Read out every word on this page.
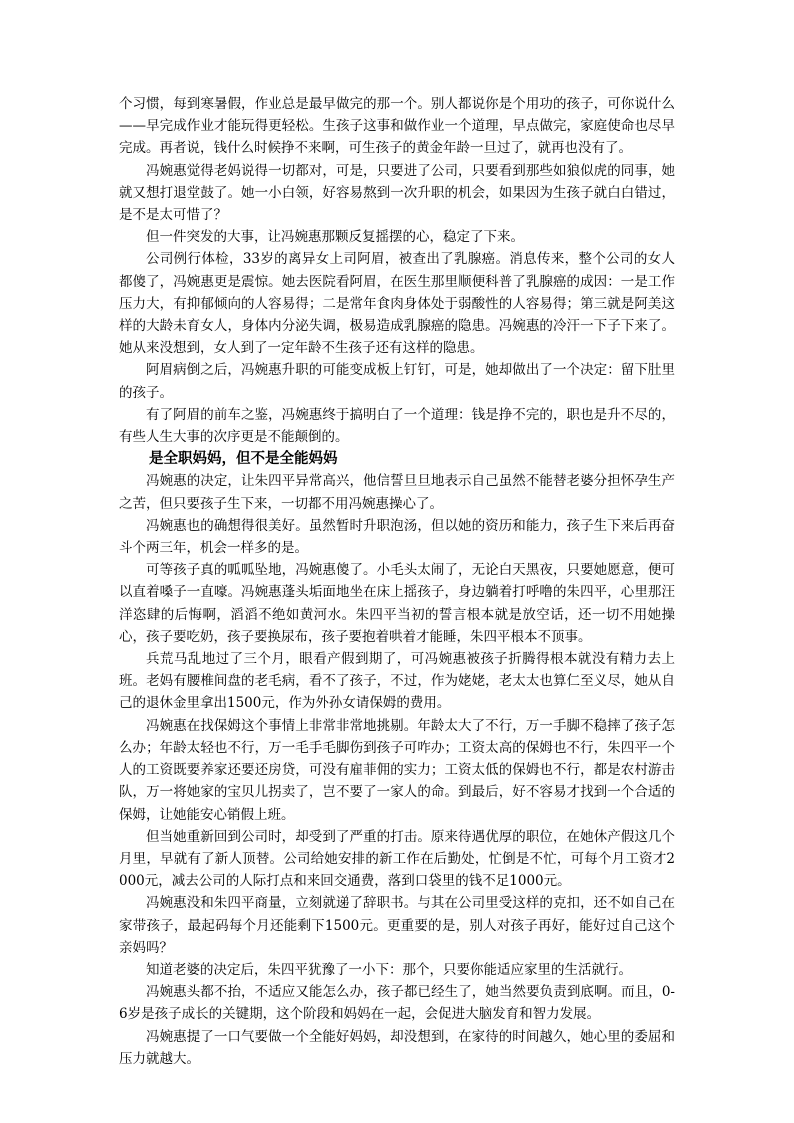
个习惯，每到寒暑假，作业总是最早做完的那一个。别人都说你是个用功的孩子，可你说什么——早完成作业才能玩得更轻松。生孩子这事和做作业一个道理，早点做完，家庭使命也尽早完成。再者说，钱什么时候挣不来啊，可生孩子的黄金年龄一旦过了，就再也没有了。

冯婉惠觉得老妈说得一切都对，可是，只要进了公司，只要看到那些如狼似虎的同事，她就又想打退堂鼓了。她一小白领，好容易熬到一次升职的机会，如果因为生孩子就白白错过，是不是太可惜了？

但一件突发的大事，让冯婉惠那颗反复摇摆的心，稳定了下来。

公司例行体检，33岁的离异女上司阿眉，被查出了乳腺癌。消息传来，整个公司的女人都傻了，冯婉惠更是震惊。她去医院看阿眉，在医生那里顺便科普了乳腺癌的成因：一是工作压力大，有抑郁倾向的人容易得；二是常年食肉身体处于弱酸性的人容易得；第三就是阿美这样的大龄未育女人，身体内分泌失调，极易造成乳腺癌的隐患。冯婉惠的冷汗一下子下来了。她从来没想到，女人到了一定年龄不生孩子还有这样的隐患。

阿眉病倒之后，冯婉惠升职的可能变成板上钉钉，可是，她却做出了一个决定：留下肚里的孩子。

有了阿眉的前车之鉴，冯婉惠终于搞明白了一个道理：钱是挣不完的，职也是升不尽的，有些人生大事的次序更是不能颠倒的。

是全职妈妈，但不是全能妈妈

冯婉惠的决定，让朱四平异常高兴，他信誓旦旦地表示自己虽然不能替老婆分担怀孕生产之苦，但只要孩子生下来，一切都不用冯婉惠操心了。

冯婉惠也的确想得很美好。虽然暂时升职泡汤，但以她的资历和能力，孩子生下来后再奋斗个两三年，机会一样多的是。

可等孩子真的呱呱坠地，冯婉惠傻了。小毛头太闹了，无论白天黑夜，只要她愿意，便可以直着嗓子一直嚎。冯婉惠蓬头垢面地坐在床上摇孩子，身边躺着打呼噜的朱四平，心里那汪洋恣肆的后悔啊，滔滔不绝如黄河水。朱四平当初的誓言根本就是放空话，还一切不用她操心，孩子要吃奶，孩子要换尿布，孩子要抱着哄着才能睡，朱四平根本不顶事。

兵荒马乱地过了三个月，眼看产假到期了，可冯婉惠被孩子折腾得根本就没有精力去上班。老妈有腰椎间盘的老毛病，看不了孩子，不过，作为姥姥，老太太也算仁至义尽，她从自己的退休金里拿出1500元，作为外孙女请保姆的费用。

冯婉惠在找保姆这个事情上非常非常地挑剔。年龄太大了不行，万一手脚不稳摔了孩子怎么办；年龄太轻也不行，万一毛手毛脚伤到孩子可咋办；工资太高的保姆也不行，朱四平一个人的工资既要养家还要还房贷，可没有雇菲佣的实力；工资太低的保姆也不行，都是农村游击队，万一将她家的宝贝儿拐卖了，岂不要了一家人的命。到最后，好不容易才找到一个合适的保姆，让她能安心销假上班。

但当她重新回到公司时，却受到了严重的打击。原来待遇优厚的职位，在她休产假这几个月里，早就有了新人顶替。公司给她安排的新工作在后勤处，忙倒是不忙，可每个月工资才2000元，减去公司的人际打点和来回交通费，落到口袋里的钱不足1000元。

冯婉惠没和朱四平商量，立刻就递了辞职书。与其在公司里受这样的克扣，还不如自己在家带孩子，最起码每个月还能剩下1500元。更重要的是，别人对孩子再好，能好过自己这个亲妈吗？

知道老婆的决定后，朱四平犹豫了一小下：那个，只要你能适应家里的生活就行。

冯婉惠头都不抬，不适应又能怎么办，孩子都已经生了，她当然要负责到底啊。而且，0-6岁是孩子成长的关键期，这个阶段和妈妈在一起，会促进大脑发育和智力发展。

冯婉惠提了一口气要做一个全能好妈妈，却没想到，在家待的时间越久，她心里的委屈和压力就越大。
